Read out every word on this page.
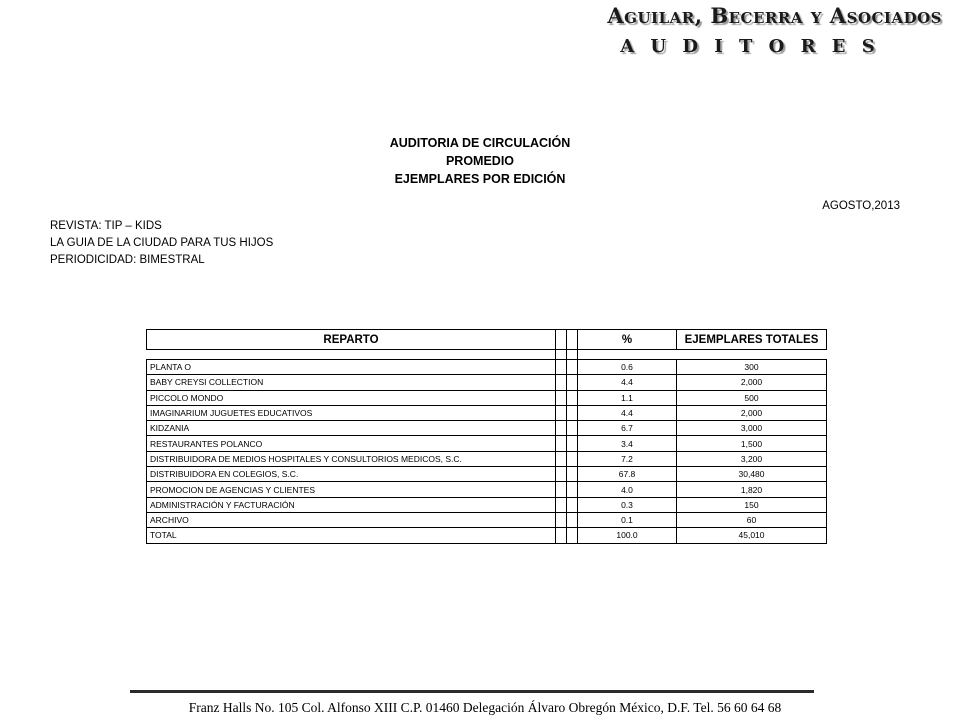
Aguilar, Becerra y Asociados
A U D I T O R E S
AUDITORIA DE CIRCULACIÓN
PROMEDIO
EJEMPLARES POR EDICIÓN
AGOSTO,2013
REVISTA: TIP – KIDS
LA GUIA DE LA CIUDAD PARA TUS HIJOS
PERIODICIDAD: BIMESTRAL
REPARTO			%	EJEMPLARES TOTALES

PLANTA O			0.6	300
BABY CREYSI COLLECTION			4.4	2,000
PICCOLO MONDO			1.1	500
IMAGINARIUM JUGUETES EDUCATIVOS			4.4	2,000
KIDZANIA			6.7	3,000
RESTAURANTES POLANCO			3.4	1,500
DISTRIBUIDORA DE MEDIOS HOSPITALES Y CONSULTORIOS MEDICOS, S.C.			7.2	3,200
DISTRIBUIDORA EN COLEGIOS, S.C.			67.8	30,480
PROMOCION DE AGENCIAS Y CLIENTES			4.0	1,820
ADMINISTRACIÓN Y FACTURACIÓN			0.3	150
ARCHIVO			0.1	60
TOTAL			100.0	45,010
Franz Halls No. 105 Col. Alfonso XIII C.P. 01460 Delegación Álvaro Obregón México, D.F. Tel. 56 60 64 68
